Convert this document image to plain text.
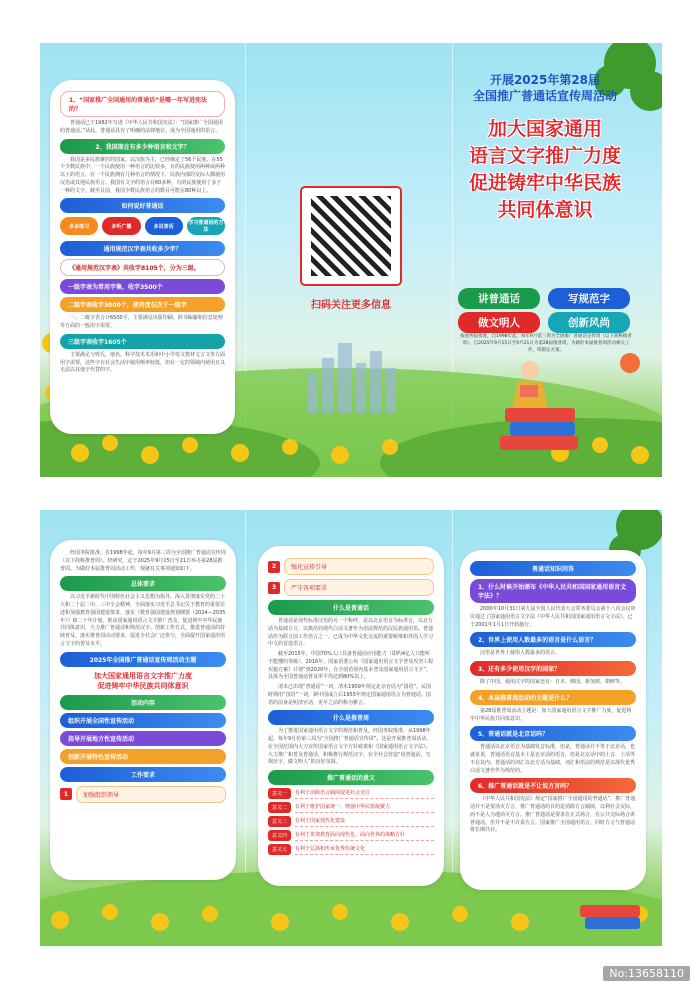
1、“国家推广全国通用的普通话”是哪一年写进宪法的？
普通话已于1982年写进《中华人民共和国宪法》：“国家推广全国通用的普通话。”从此，普通话具有了明确的法律地位，成为全国通用的语言。
2、我国现在有多少种语言和文字？
我国是多民族聚居的国家。以汉族为主，已经确定了56个民族。在55个少数民族中，一个民族使用一种语言的比较多，有的民族使用两种或两种以上的语言。在一个民族拥有几种语言的情况下，民族内部的交际大都使用汉语或其他民族语言。我国有文字的语言有60多种，有的民族使用了多于一种的文字。截至目前，我国少数民族语言的数目可能在80种以上。
如何说好普通话
多多练习	多听广播	多说普话
学习普通话的方法
通用规范汉字表共收多少字？
《通用规范汉字表》共收字8105个，分为三级。
一级字表为常用字集，收字3500个
二级字表收字3000个，使用度仅次于一级字
一、二级字表合计6500字，主要满足出版印刷、辞书编纂和信息处理等方面的一般用字需要。
三级字表收字1605个
主要满足与姓氏、地名、科学技术术语和中小学语文教材文言文等方面用字需要，这些字在社会生活中使用频率较低，但在一定的领域内使用且又无法以其他字代替的字。
扫码关注更多信息
开展2025年第28届
全国推广普通话宣传周活动
加大国家通用
语言文字推广力度
促进铸牢中华民族
共同体意识
讲普通话	写规范字
做文明人	创新风尚
按国务院批准，自1998年起，每年9月第三周为全国推广普通话宣传周（以下简称推普周）。自2025年9月15日至9月21日为第28届推普周，为做好本届推普周活动相关工作，特制定方案。
经国务院批准，自1998年起，每年9月第三周为全国推广普通话宣传周（以下简称推普周）。经研究，定于2025年9月15日至21日举办第28届推普周。为做好本届推普周活动工作，现就有关事项通知如下。
总体要求
以习近平新时代中国特色社会主义思想为指导，深入贯彻落实党的二十大和二十届二中、三中全会精神，全面落实习近平总书记关于教育的重要论述和加强教育强国建设要求，落实《教育强国建设规划纲要（2024—2035年）》和二十年计划，推动国家通用语言文字推广普及。促进铸牢中华民族共同体意识，大力推广普通话和规范汉字。创新工作方式，推进普通话的持续普及。落实推普周活动要求，促进全社会广泛参与，全面提升国家通用语言文字的普及水平。
2025年全国推广普通话宣传周活动主题
加大国家通用语言文字推广力度
促进铸牢中华民族共同体意识
活动内容
组织开展全国性宣传活动
指导开展地方性宣传活动
创新开展特色宣传活动
工作要求
1	加强组织领导
2	强化宣传引导
3	严守各项要求
什么是普通话
普通话是现代标准汉语的另一个称呼，是以北京语音为标准音，以北方话为基础方言，以典范的现代白话文著作为语法规范的汉民族通用语。普通话作为联合国工作语言之一，已成为中华文化交流的重要桥梁和外国人学习中文的首选语言。
截至2015年，中国70%人口具备普通话应用能力（即约4亿人只能听不能懂的等级）。2016年，国家语委公布《国家通用语言文字普及攻坚工程实施方案》计划“到2020年，在全国范围内基本普及国家通用语言文字”，具体为全国普通话普及率平均达到80%以上。
清末已出现“普通话”一词，清末1909年规定北京官话为“国语”，民国时期用“国语”一词，新中国成立后1955年规定国家通用语言为普通话。国语的前身是明清官话，更早之前的称为雅言。
什么是推普周
为了推进国家通用语言文字的规范和普及，经国务院批准，从1998年起，每年9月份第三周为“全国推广普通话宣传周”。这是开展推普周活动，在全国范围内大力宣传国家语言文字方针政策和《国家通用语言文字法》，大力推广和普及普通话，积极推行规范汉字，在全社会营造“说普通话，写规范字，做文明人”的良好氛围。
推广普通话的意义
意义一	有利于消除语言隔阂促进社会交往
意义二	有利于维护国家统一、增强中华民族凝聚力
意义三	有利于国家现代化建设
意义四	有利于贯彻教育面向现代化、面向世界的战略方针
意义五	有利于弘扬和传承优秀传统文化
普通话知识问答
1、什么时候开始颁布《中华人民共和国国家通用语言文字法》？
2000年10月31日第九届全国人民代表大会常务委员会第十八次会议审议通过了国家通用语言文字法《中华人民共和国国家通用语言文字法》，已于2001年1月1日开始施行。
2、世界上使用人数最多的语言是什么语言？
汉语是世界上使用人数最多的语言。
3、还有多少使用汉字的国家？
除了中国，使用汉字的国家还有：日本、韩国、新加坡、朝鲜等。
4、本届推普周活动的主题是什么？
第28届推普周活动主题是：加大国家通用语言文字推广力度，促进铸牢中华民族共同体意识。
5、普通话就是北京话吗？
普通话以北京语音为基础发音标准，但是，普通话并不等于北京话。也就是说，普通话语音基本上是北京话的语音，但是北京话中的土音、土话等不在其内。普通话的词汇以北方话为基础，词汇和语法的规范是以现代优秀白话文著作作为规范的。
6、推广普通话就是不让说方言吗？
《中华人民共和国宪法》规定“国家推广全国通用的普通话”，推广普通话并不是要消灭方言，推广普通话的目的是消除方言隔阂，以利社会交际，而不是人为地消灭方言。推广普通话是要求在正式场合，在公共交际场合讲普通话，但并不是不许说方言。国家推广全国通用语言，同时方言与普通话将长期共存。
No:13658110
